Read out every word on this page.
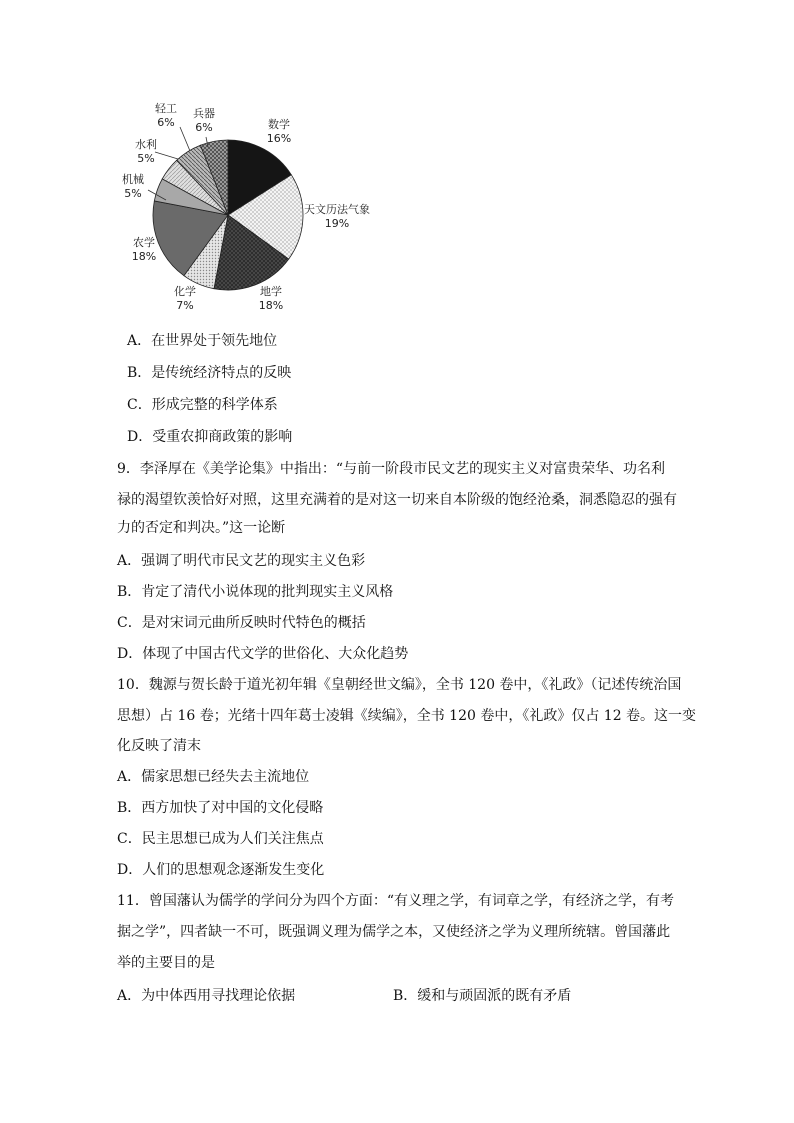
数学
16%
天文历法气象
19%
地学
18%
化学
7%
农学
18%
机械
5%
水利
5%
轻工
6%
兵器
6%
A．在世界处于领先地位
B．是传统经济特点的反映
C．形成完整的科学体系
D．受重农抑商政策的影响
9．李泽厚在《美学论集》中指出：“与前一阶段市民文艺的现实主义对富贵荣华、功名利
禄的渴望钦羡恰好对照，这里充满着的是对这一切来自本阶级的饱经沧桑，洞悉隐忍的强有
力的否定和判决。”这一论断
A．强调了明代市民文艺的现实主义色彩
B．肯定了清代小说体现的批判现实主义风格
C．是对宋词元曲所反映时代特色的概括
D．体现了中国古代文学的世俗化、大众化趋势
10．魏源与贺长龄于道光初年辑《皇朝经世文编》，全书 120 卷中，《礼政》（记述传统治国
思想）占 16 卷；光绪十四年葛士凌辑《续编》，全书 120 卷中，《礼政》仅占 12 卷。这一变
化反映了清末
A．儒家思想已经失去主流地位
B．西方加快了对中国的文化侵略
C．民主思想已成为人们关注焦点
D．人们的思想观念逐渐发生变化
11．曾国藩认为儒学的学问分为四个方面：“有义理之学，有词章之学，有经济之学，有考
据之学”，四者缺一不可，既强调义理为儒学之本，又使经济之学为义理所统辖。曾国藩此
举的主要目的是
A．为中体西用寻找理论依据	B．缓和与顽固派的既有矛盾
